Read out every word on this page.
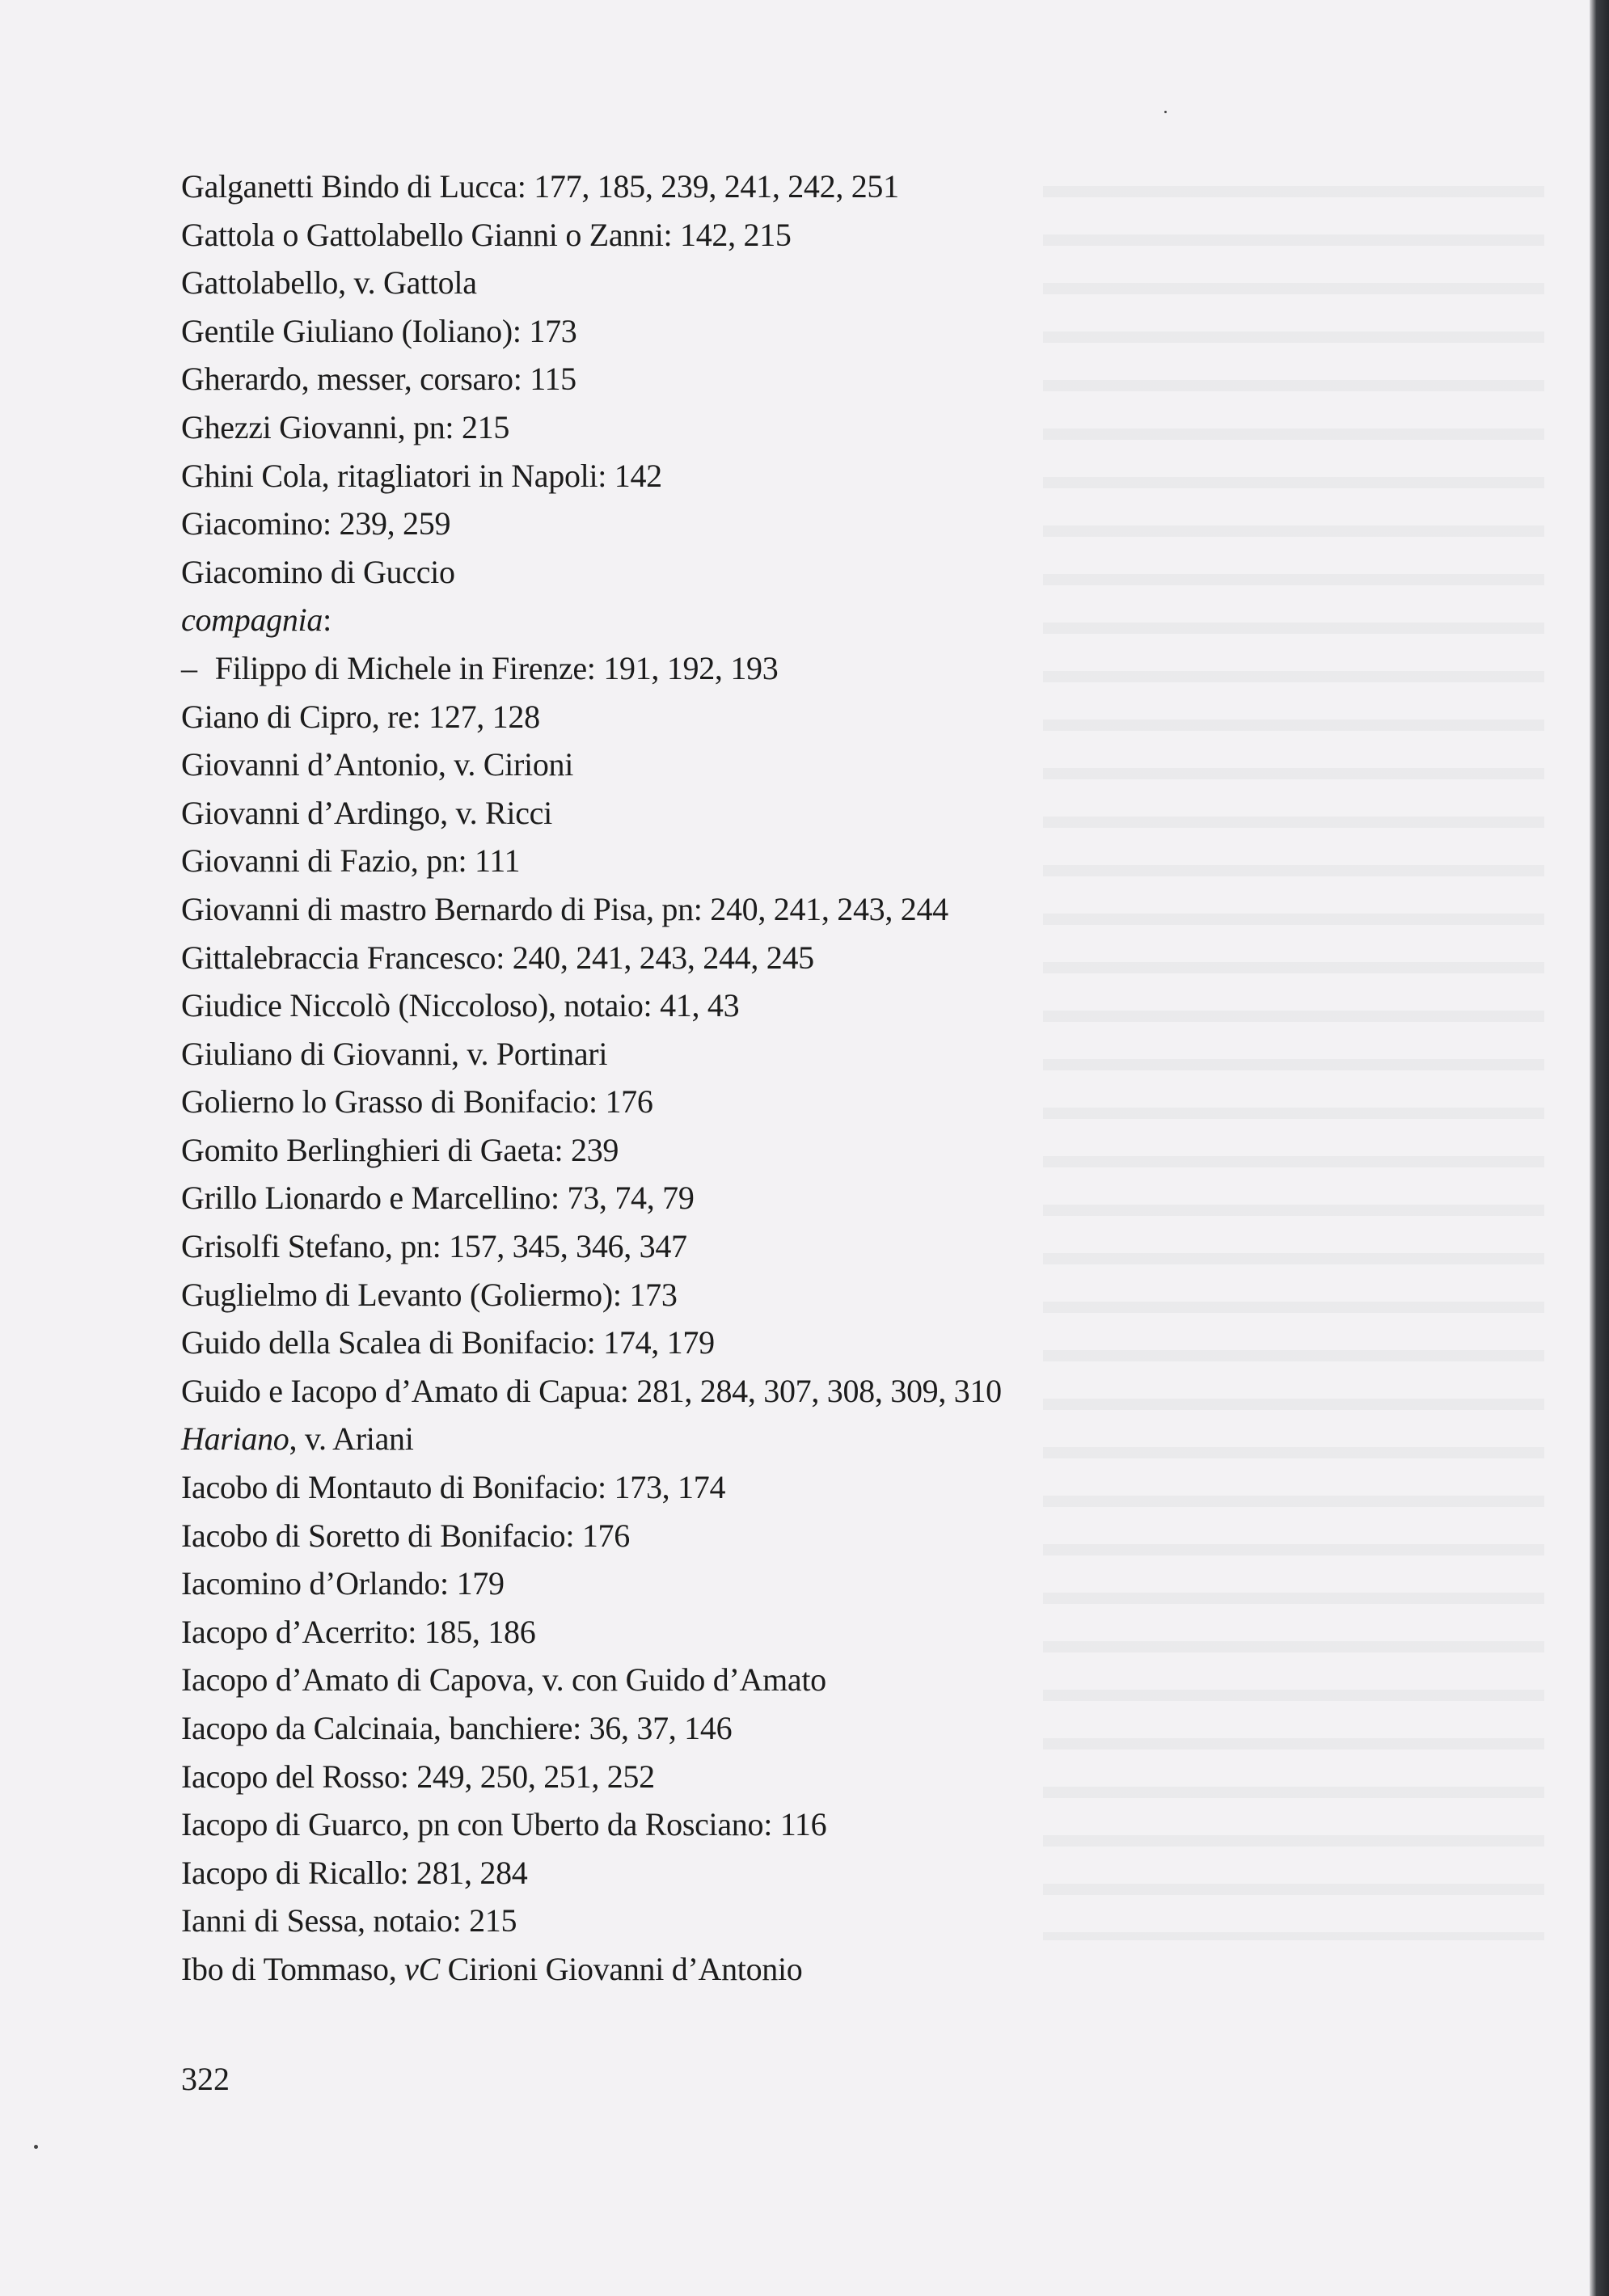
Galganetti Bindo di Lucca: 177, 185, 239, 241, 242, 251
Gattola o Gattolabello Gianni o Zanni: 142, 215
Gattolabello, v. Gattola
Gentile Giuliano (Ioliano): 173
Gherardo, messer, corsaro: 115
Ghezzi Giovanni, pn: 215
Ghini Cola, ritagliatori in Napoli: 142
Giacomino: 239, 259
Giacomino di Guccio
compagnia:
– Filippo di Michele in Firenze: 191, 192, 193
Giano di Cipro, re: 127, 128
Giovanni d’Antonio, v. Cirioni
Giovanni d’Ardingo, v. Ricci
Giovanni di Fazio, pn: 111
Giovanni di mastro Bernardo di Pisa, pn: 240, 241, 243, 244
Gittalebraccia Francesco: 240, 241, 243, 244, 245
Giudice Niccolò (Niccoloso), notaio: 41, 43
Giuliano di Giovanni, v. Portinari
Golierno lo Grasso di Bonifacio: 176
Gomito Berlinghieri di Gaeta: 239
Grillo Lionardo e Marcellino: 73, 74, 79
Grisolfi Stefano, pn: 157, 345, 346, 347
Guglielmo di Levanto (Goliermo): 173
Guido della Scalea di Bonifacio: 174, 179
Guido e Iacopo d’Amato di Capua: 281, 284, 307, 308, 309, 310
Hariano, v. Ariani
Iacobo di Montauto di Bonifacio: 173, 174
Iacobo di Soretto di Bonifacio: 176
Iacomino d’Orlando: 179
Iacopo d’Acerrito: 185, 186
Iacopo d’Amato di Capova, v. con Guido d’Amato
Iacopo da Calcinaia, banchiere: 36, 37, 146
Iacopo del Rosso: 249, 250, 251, 252
Iacopo di Guarco, pn con Uberto da Rosciano: 116
Iacopo di Ricallo: 281, 284
Ianni di Sessa, notaio: 215
Ibo di Tommaso, vC Cirioni Giovanni d’Antonio
322
